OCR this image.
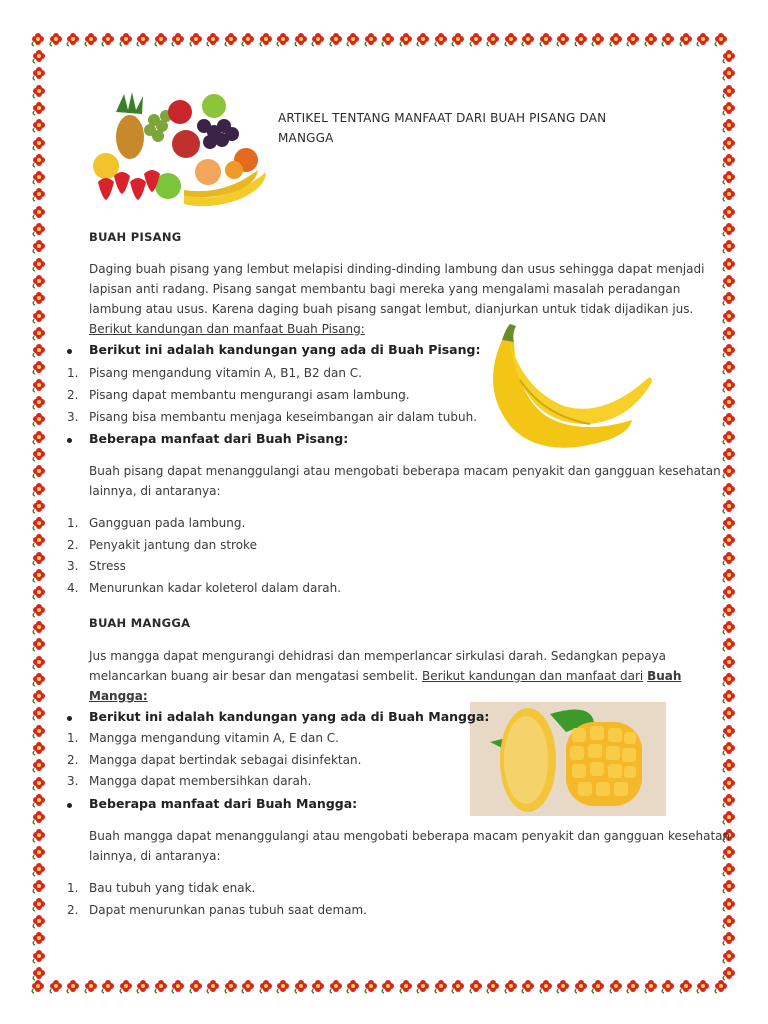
ARTIKEL TENTANG MANFAAT DARI BUAH PISANG DAN
MANGGA
BUAH PISANG
Daging buah pisang yang lembut melapisi dinding-dinding lambung dan usus sehingga dapat menjadi
lapisan anti radang. Pisang sangat membantu bagi mereka yang mengalami masalah peradangan
lambung atau usus. Karena daging buah pisang sangat lembut, dianjurkan untuk tidak dijadikan jus.
Berikut kandungan dan manfaat Buah Pisang:
Berikut ini adalah kandungan yang ada di Buah Pisang:
1. Pisang mengandung vitamin A, B1, B2 dan C.
2. Pisang dapat membantu mengurangi asam lambung.
3. Pisang bisa membantu menjaga keseimbangan air dalam tubuh.
Beberapa manfaat dari Buah Pisang:
Buah pisang dapat menanggulangi atau mengobati beberapa macam penyakit dan gangguan kesehatan
lainnya, di antaranya:
1. Gangguan pada lambung.
2. Penyakit jantung dan stroke
3. Stress
4. Menurunkan kadar koleterol dalam darah.
BUAH MANGGA
Jus mangga dapat mengurangi dehidrasi dan memperlancar sirkulasi darah. Sedangkan pepaya
melancarkan buang air besar dan mengatasi sembelit. Berikut kandungan dan manfaat dari Buah
Mangga:
Berikut ini adalah kandungan yang ada di Buah Mangga:
1. Mangga mengandung vitamin A, E dan C.
2. Mangga dapat bertindak sebagai disinfektan.
3. Mangga dapat membersihkan darah.
Beberapa manfaat dari Buah Mangga:
Buah mangga dapat menanggulangi atau mengobati beberapa macam penyakit dan gangguan kesehatan
lainnya, di antaranya:
1. Bau tubuh yang tidak enak.
2. Dapat menurunkan panas tubuh saat demam.
